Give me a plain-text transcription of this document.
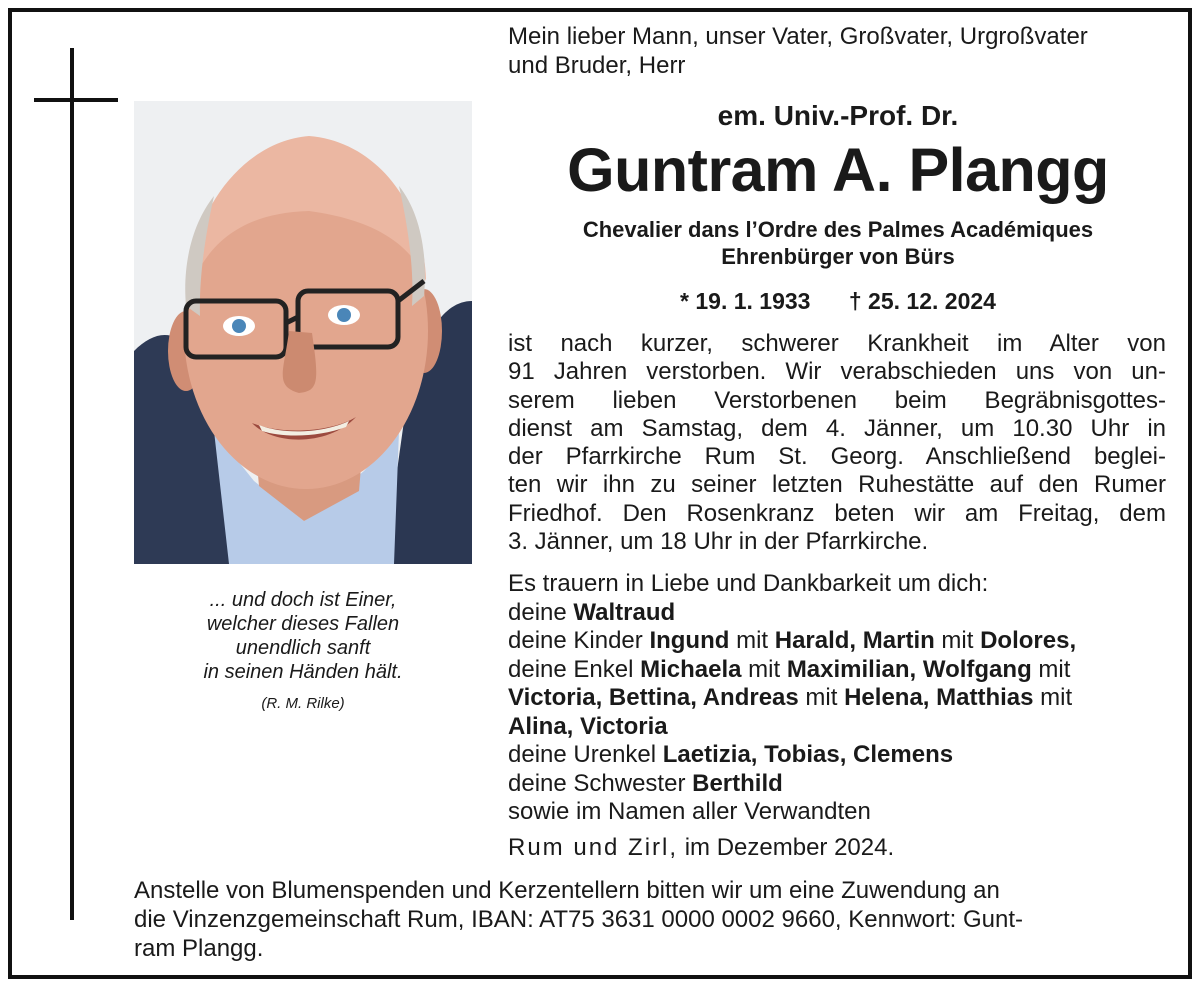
... und doch ist Einer,
welcher dieses Fallen
unendlich sanft
in seinen Händen hält.
(R. M. Rilke)
Mein lieber Mann, unser Vater, Großvater, Urgroßvater
und Bruder, Herr
em. Univ.-Prof. Dr.
Guntram A. Plangg
Chevalier dans l’Ordre des Palmes Académiques
Ehrenbürger von Bürs
* 19. 1. 1933 † 25. 12. 2024
ist nach kurzer, schwerer Krankheit im Alter von
91 Jahren verstorben. Wir verabschieden uns von un-
serem lieben Verstorbenen beim Begräbnisgottes-
dienst am Samstag, dem 4. Jänner, um 10.30 Uhr in
der Pfarrkirche Rum St. Georg. Anschließend beglei-
ten wir ihn zu seiner letzten Ruhestätte auf den Rumer
Friedhof. Den Rosenkranz beten wir am Freitag, dem
3. Jänner, um 18 Uhr in der Pfarrkirche.
Es trauern in Liebe und Dankbarkeit um dich:
deine Waltraud
deine Kinder Ingund mit Harald, Martin mit Dolores,
deine Enkel Michaela mit Maximilian, Wolfgang mit
Victoria, Bettina, Andreas mit Helena, Matthias mit
Alina, Victoria
deine Urenkel Laetizia, Tobias, Clemens
deine Schwester Berthild
sowie im Namen aller Verwandten
Rum und Zirl, im Dezember 2024.
Anstelle von Blumenspenden und Kerzentellern bitten wir um eine Zuwendung an
die Vinzenzgemeinschaft Rum, IBAN: AT75 3631 0000 0002 9660, Kennwort: Gunt-
ram Plangg.
